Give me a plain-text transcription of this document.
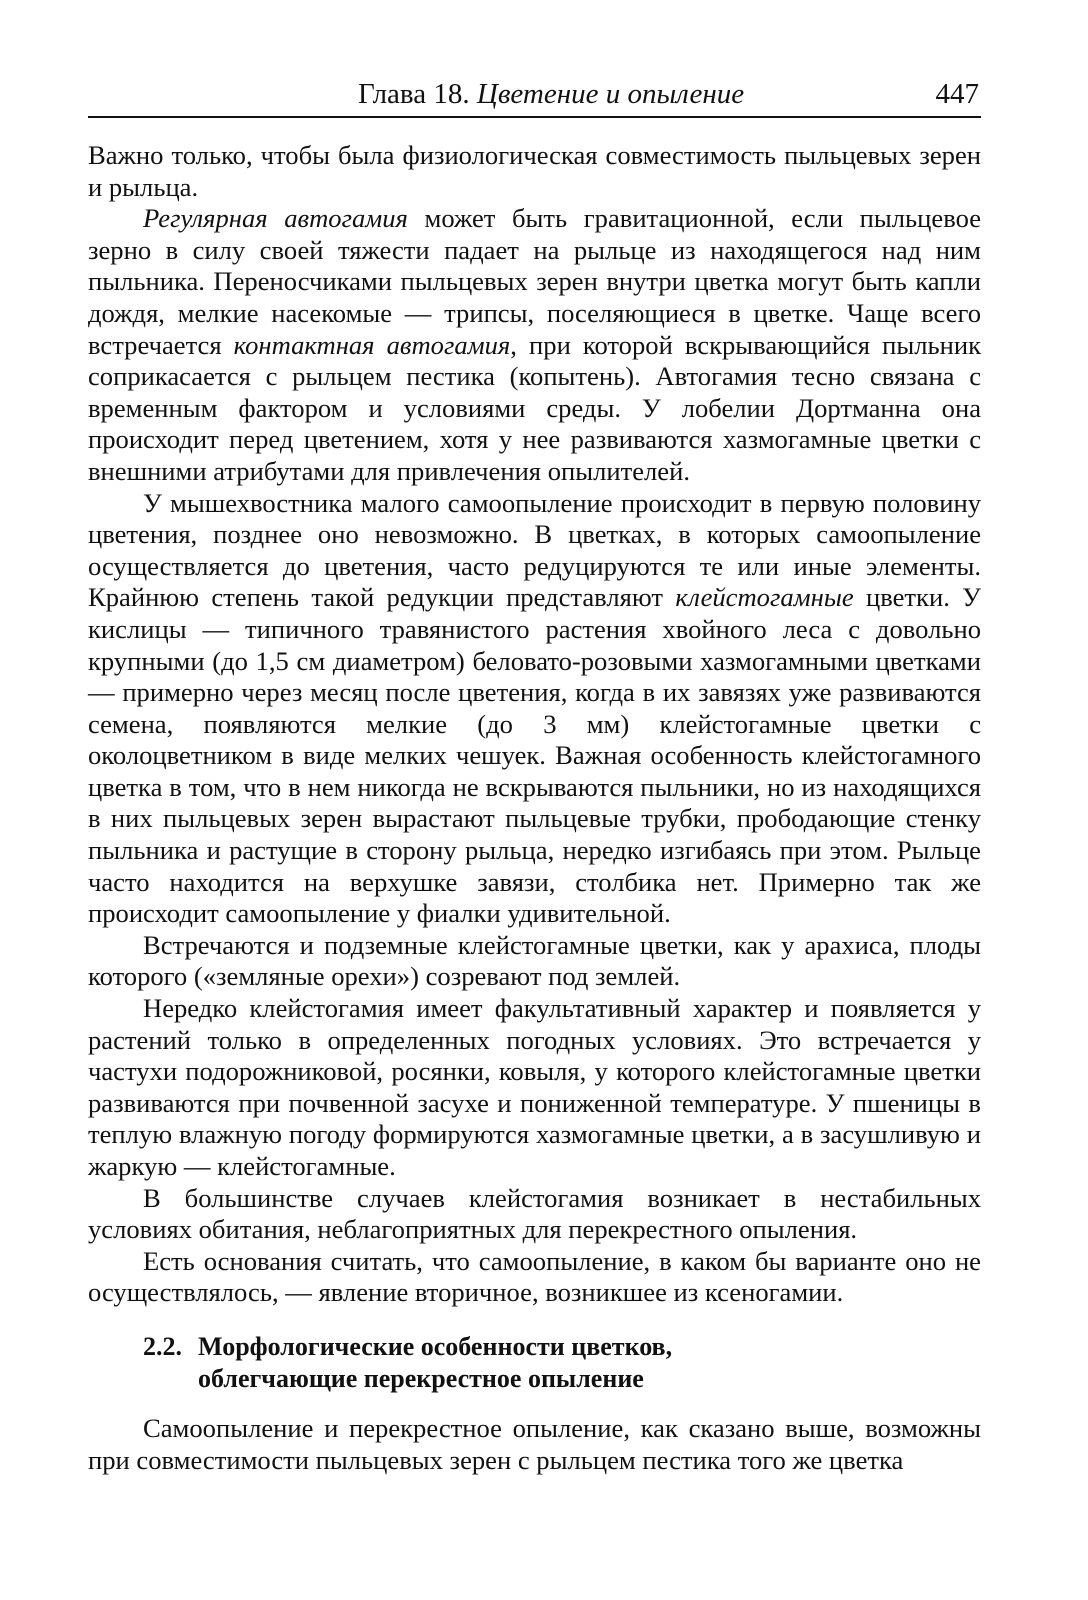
Глава 18. Цветение и опыление	447

Важно только, чтобы была физиологическая совместимость пыльцевых зерен и рыльца.

Регулярная автогамия может быть гравитационной, если пыльцевое зерно в силу своей тяжести падает на рыльце из находящегося над ним пыльника. Переносчиками пыльцевых зерен внутри цветка могут быть капли дождя, мелкие насекомые — трипсы, поселяющиеся в цветке. Чаще всего встречается контактная автогамия, при которой вскрывающийся пыльник соприкасается с рыльцем пестика (копытень). Автогамия тесно связана с временным фактором и условиями среды. У лобелии Дортманна она происходит перед цветением, хотя у нее развиваются хазмогамные цветки с внешними атрибутами для привлечения опылителей.

У мышехвостника малого самоопыление происходит в первую половину цветения, позднее оно невозможно. В цветках, в которых самоопыление осуществляется до цветения, часто редуцируются те или иные элементы. Крайнюю степень такой редукции представляют клейстогамные цветки. У кислицы — типичного травянистого растения хвойного леса с довольно крупными (до 1,5 см диаметром) беловато-розовыми хазмогамными цветками — примерно через месяц после цветения, когда в их завязях уже развиваются семена, появляются мелкие (до 3 мм) клейстогамные цветки с околоцветником в виде мелких чешуек. Важная особенность клейстогамного цветка в том, что в нем никогда не вскрываются пыльники, но из находящихся в них пыльцевых зерен вырастают пыльцевые трубки, прободающие стенку пыльника и растущие в сторону рыльца, нередко изгибаясь при этом. Рыльце часто находится на верхушке завязи, столбика нет. Примерно так же происходит самоопыление у фиалки удивительной.

Встречаются и подземные клейстогамные цветки, как у арахиса, плоды которого («земляные орехи») созревают под землей.

Нередко клейстогамия имеет факультативный характер и появляется у растений только в определенных погодных условиях. Это встречается у частухи подорожниковой, росянки, ковыля, у которого клейстогамные цветки развиваются при почвенной засухе и пониженной температуре. У пшеницы в теплую влажную погоду формируются хазмогамные цветки, а в засушливую и жаркую — клейстогамные.

В большинстве случаев клейстогамия возникает в нестабильных условиях обитания, неблагоприятных для перекрестного опыления.

Есть основания считать, что самоопыление, в каком бы варианте оно не осуществлялось, — явление вторичное, возникшее из ксеногамии.

2.2. Морфологические особенности цветков,
облегчающие перекрестное опыление

Самоопыление и перекрестное опыление, как сказано выше, возможны при совместимости пыльцевых зерен с рыльцем пестика того же цветка
